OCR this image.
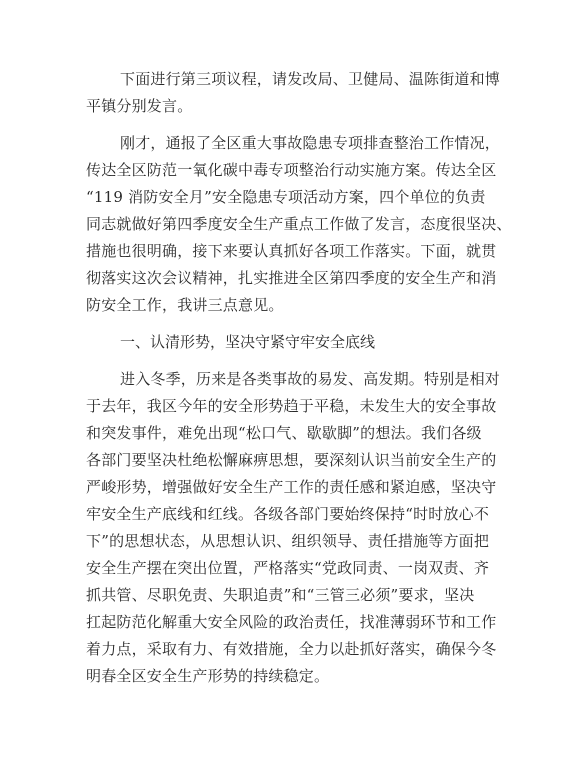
下面进行第三项议程，请发改局、卫健局、温陈街道和博
平镇分别发言。
刚才，通报了全区重大事故隐患专项排查整治工作情况，
传达全区防范一氧化碳中毒专项整治行动实施方案。传达全区
“119 消防安全月”安全隐患专项活动方案，四个单位的负责
同志就做好第四季度安全生产重点工作做了发言，态度很坚决、
措施也很明确，接下来要认真抓好各项工作落实。下面，就贯
彻落实这次会议精神，扎实推进全区第四季度的安全生产和消
防安全工作，我讲三点意见。
一、认清形势，坚决守紧守牢安全底线
进入冬季，历来是各类事故的易发、高发期。特别是相对
于去年，我区今年的安全形势趋于平稳，未发生大的安全事故
和突发事件，难免出现“松口气、歇歇脚”的想法。我们各级
各部门要坚决杜绝松懈麻痹思想，要深刻认识当前安全生产的
严峻形势，增强做好安全生产工作的责任感和紧迫感，坚决守
牢安全生产底线和红线。各级各部门要始终保持“时时放心不
下”的思想状态，从思想认识、组织领导、责任措施等方面把
安全生产摆在突出位置，严格落实“党政同责、一岗双责、齐
抓共管、尽职免责、失职追责”和“三管三必须”要求，坚决
扛起防范化解重大安全风险的政治责任，找准薄弱环节和工作
着力点，采取有力、有效措施，全力以赴抓好落实，确保今冬
明春全区安全生产形势的持续稳定。
